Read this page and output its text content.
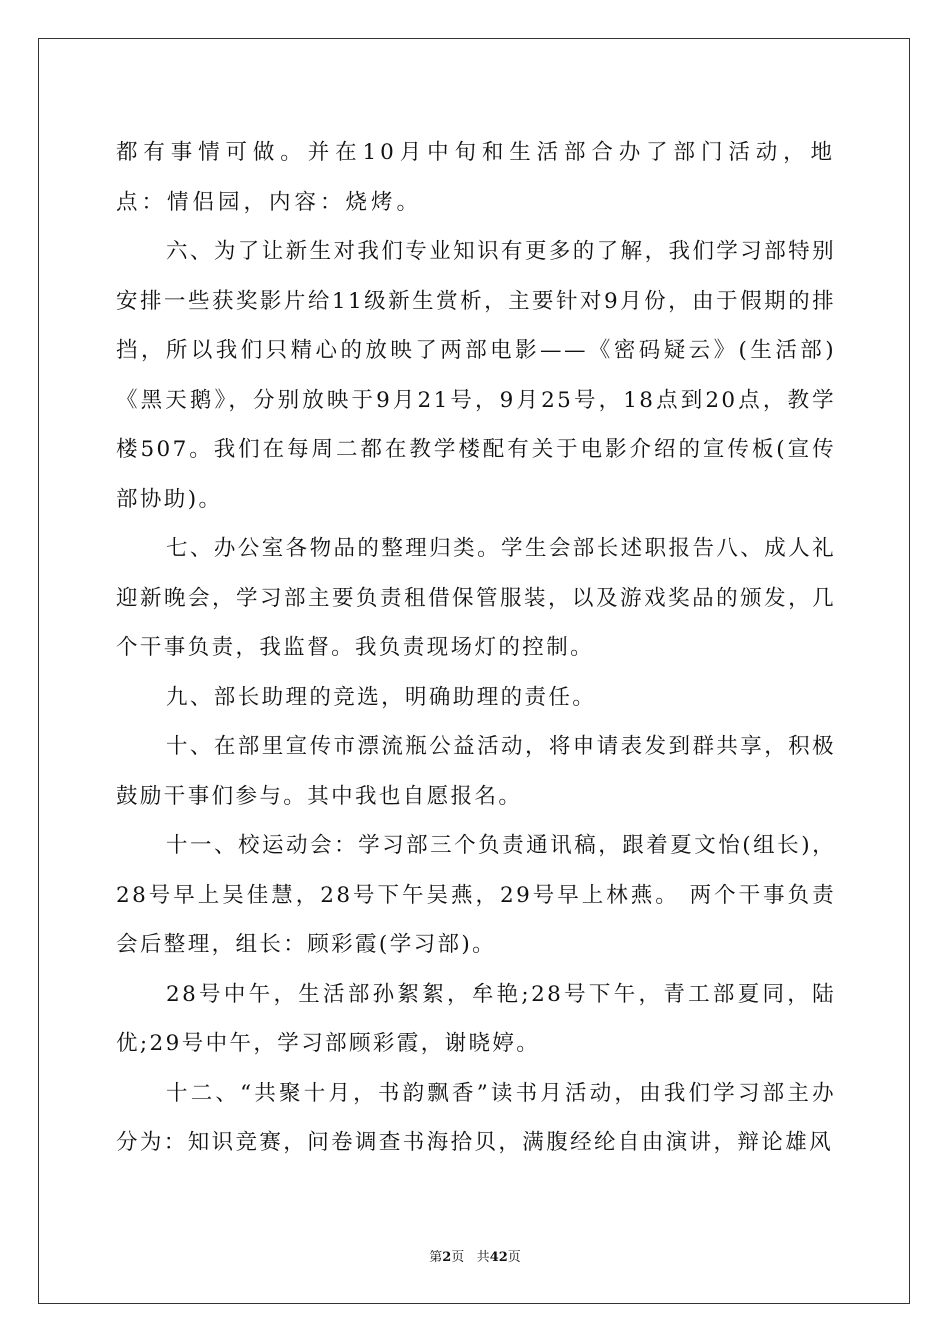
都有事情可做。并在10月中旬和生活部合办了部门活动，地点：情侣园，内容：烧烤。

六、为了让新生对我们专业知识有更多的了解，我们学习部特别安排一些获奖影片给11级新生赏析，主要针对9月份，由于假期的排挡，所以我们只精心的放映了两部电影——《密码疑云》(生活部)《黑天鹅》，分别放映于9月21号，9月25号，18点到20点，教学楼507。我们在每周二都在教学楼配有关于电影介绍的宣传板(宣传部协助)。

七、办公室各物品的整理归类。学生会部长述职报告八、成人礼迎新晚会，学习部主要负责租借保管服装，以及游戏奖品的颁发，几个干事负责，我监督。我负责现场灯的控制。

九、部长助理的竞选，明确助理的责任。

十、在部里宣传市漂流瓶公益活动，将申请表发到群共享，积极鼓励干事们参与。其中我也自愿报名。

十一、校运动会：学习部三个负责通讯稿，跟着夏文怡(组长)，28号早上吴佳慧，28号下午吴燕，29号早上林燕。 两个干事负责会后整理，组长：顾彩霞(学习部)。

28号中午，生活部孙絮絮，牟艳;28号下午，青工部夏同，陆优;29号中午，学习部顾彩霞，谢晓婷。

十二、“共聚十月，书韵飘香”读书月活动，由我们学习部主办分为：知识竞赛，问卷调查书海拾贝，满腹经纶自由演讲，辩论雄风

第2页 共42页
